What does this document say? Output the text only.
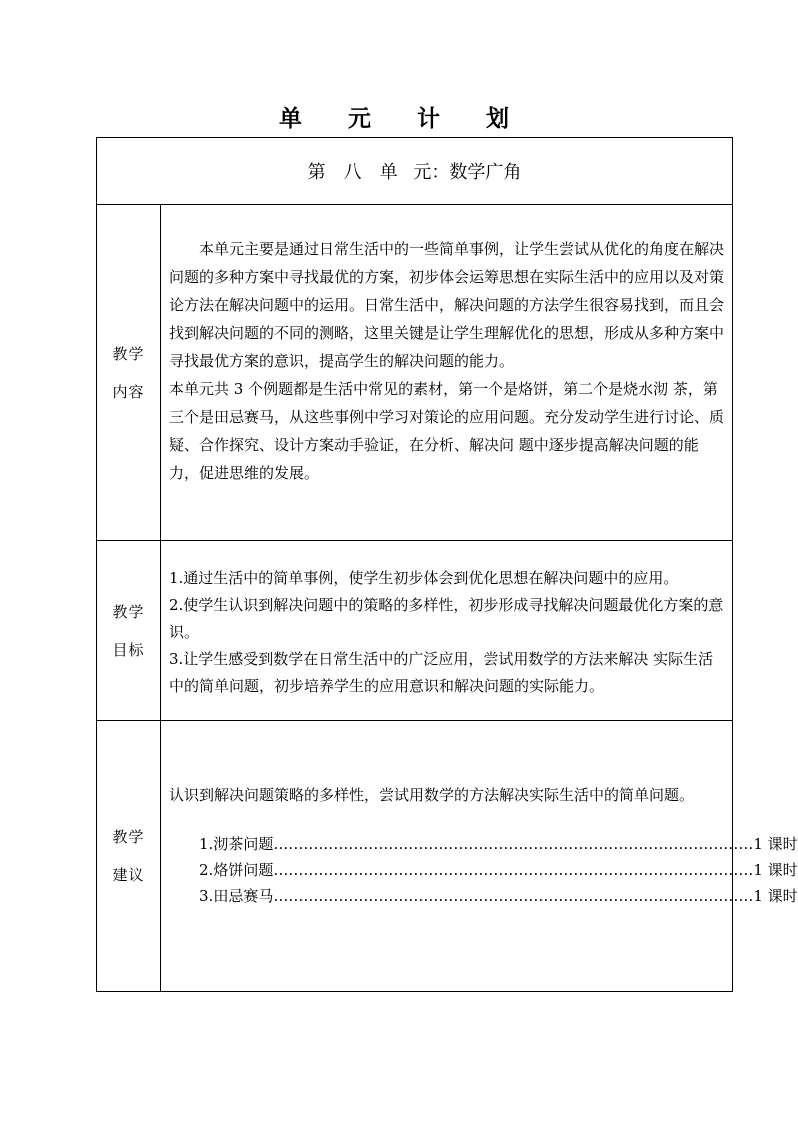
单 元 计 划
第　八　单 元：数学广角
教学
内容

本单元主要是通过日常生活中的一些简单事例，让学生尝试从优化的角度在解决问题的多种方案中寻找最优的方案，初步体会运筹思想在实际生活中的应用以及对策论方法在解决问题中的运用。日常生活中，解决问题的方法学生很容易找到，而且会找到解决问题的不同的测略，这里关键是让学生理解优化的思想，形成从多种方案中寻找最优方案的意识，提高学生的解决问题的能力。

本单元共 3 个例题都是生活中常见的素材，第一个是烙饼，第二个是烧水沏 茶，第三个是田忌赛马，从这些事例中学习对策论的应用问题。充分发动学生进行讨论、质疑、合作探究、设计方案动手验证，在分析、解决问 题中逐步提高解决问题的能力，促进思维的发展。

教学
目标

1.通过生活中的简单事例，使学生初步体会到优化思想在解决问题中的应用。

2.使学生认识到解决问题中的策略的多样性，初步形成寻找解决问题最优化方案的意识。

3.让学生感受到数学在日常生活中的广泛应用，尝试用数学的方法来解决 实际生活中的简单问题，初步培养学生的应用意识和解决问题的实际能力。

教学
建议

认识到解决问题策略的多样性，尝试用数学的方法解决实际生活中的简单问题。

1. 沏茶问题 …………………………………………………………………………………… 1 课时
2. 烙饼问题 …………………………………………………………………………………… 1 课时
3. 田忌赛马 …………………………………………………………………………………… 1 课时
